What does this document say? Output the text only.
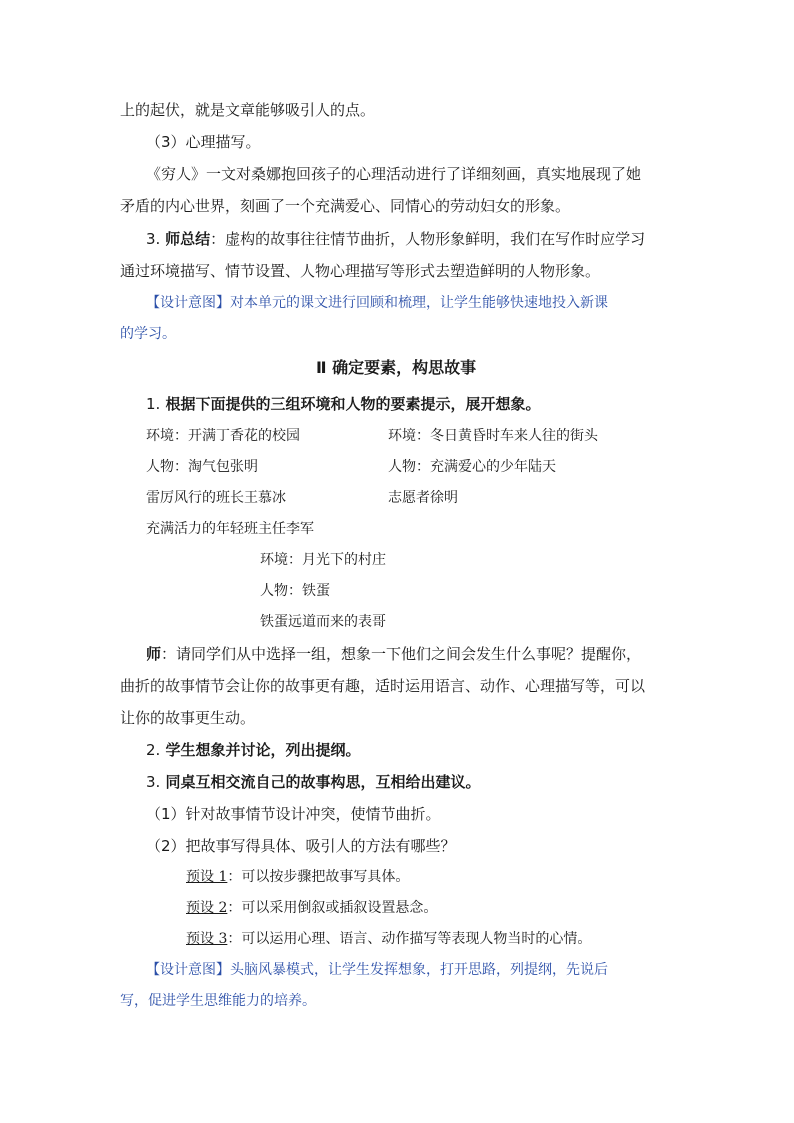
上的起伏，就是文章能够吸引人的点。
（3）心理描写。
《穷人》一文对桑娜抱回孩子的心理活动进行了详细刻画，真实地展现了她
矛盾的内心世界，刻画了一个充满爱心、同情心的劳动妇女的形象。
3. 师总结：虚构的故事往往情节曲折，人物形象鲜明，我们在写作时应学习
通过环境描写、情节设置、人物心理描写等形式去塑造鲜明的人物形象。
【设计意图】对本单元的课文进行回顾和梳理，让学生能够快速地投入新课
的学习。
Ⅱ 确定要素，构思故事
1. 根据下面提供的三组环境和人物的要素提示，展开想象。
环境：开满丁香花的校园	环境：冬日黄昏时车来人往的街头
人物：淘气包张明	人物：充满爱心的少年陆天
雷厉风行的班长王慕冰	志愿者徐明
充满活力的年轻班主任李军
环境：月光下的村庄
人物：铁蛋
铁蛋远道而来的表哥
师：请同学们从中选择一组，想象一下他们之间会发生什么事呢？提醒你，
曲折的故事情节会让你的故事更有趣，适时运用语言、动作、心理描写等，可以
让你的故事更生动。
2. 学生想象并讨论，列出提纲。
3. 同桌互相交流自己的故事构思，互相给出建议。
（1）针对故事情节设计冲突，使情节曲折。
（2）把故事写得具体、吸引人的方法有哪些？
预设 1：可以按步骤把故事写具体。
预设 2：可以采用倒叙或插叙设置悬念。
预设 3：可以运用心理、语言、动作描写等表现人物当时的心情。
【设计意图】头脑风暴模式，让学生发挥想象，打开思路，列提纲，先说后
写，促进学生思维能力的培养。
